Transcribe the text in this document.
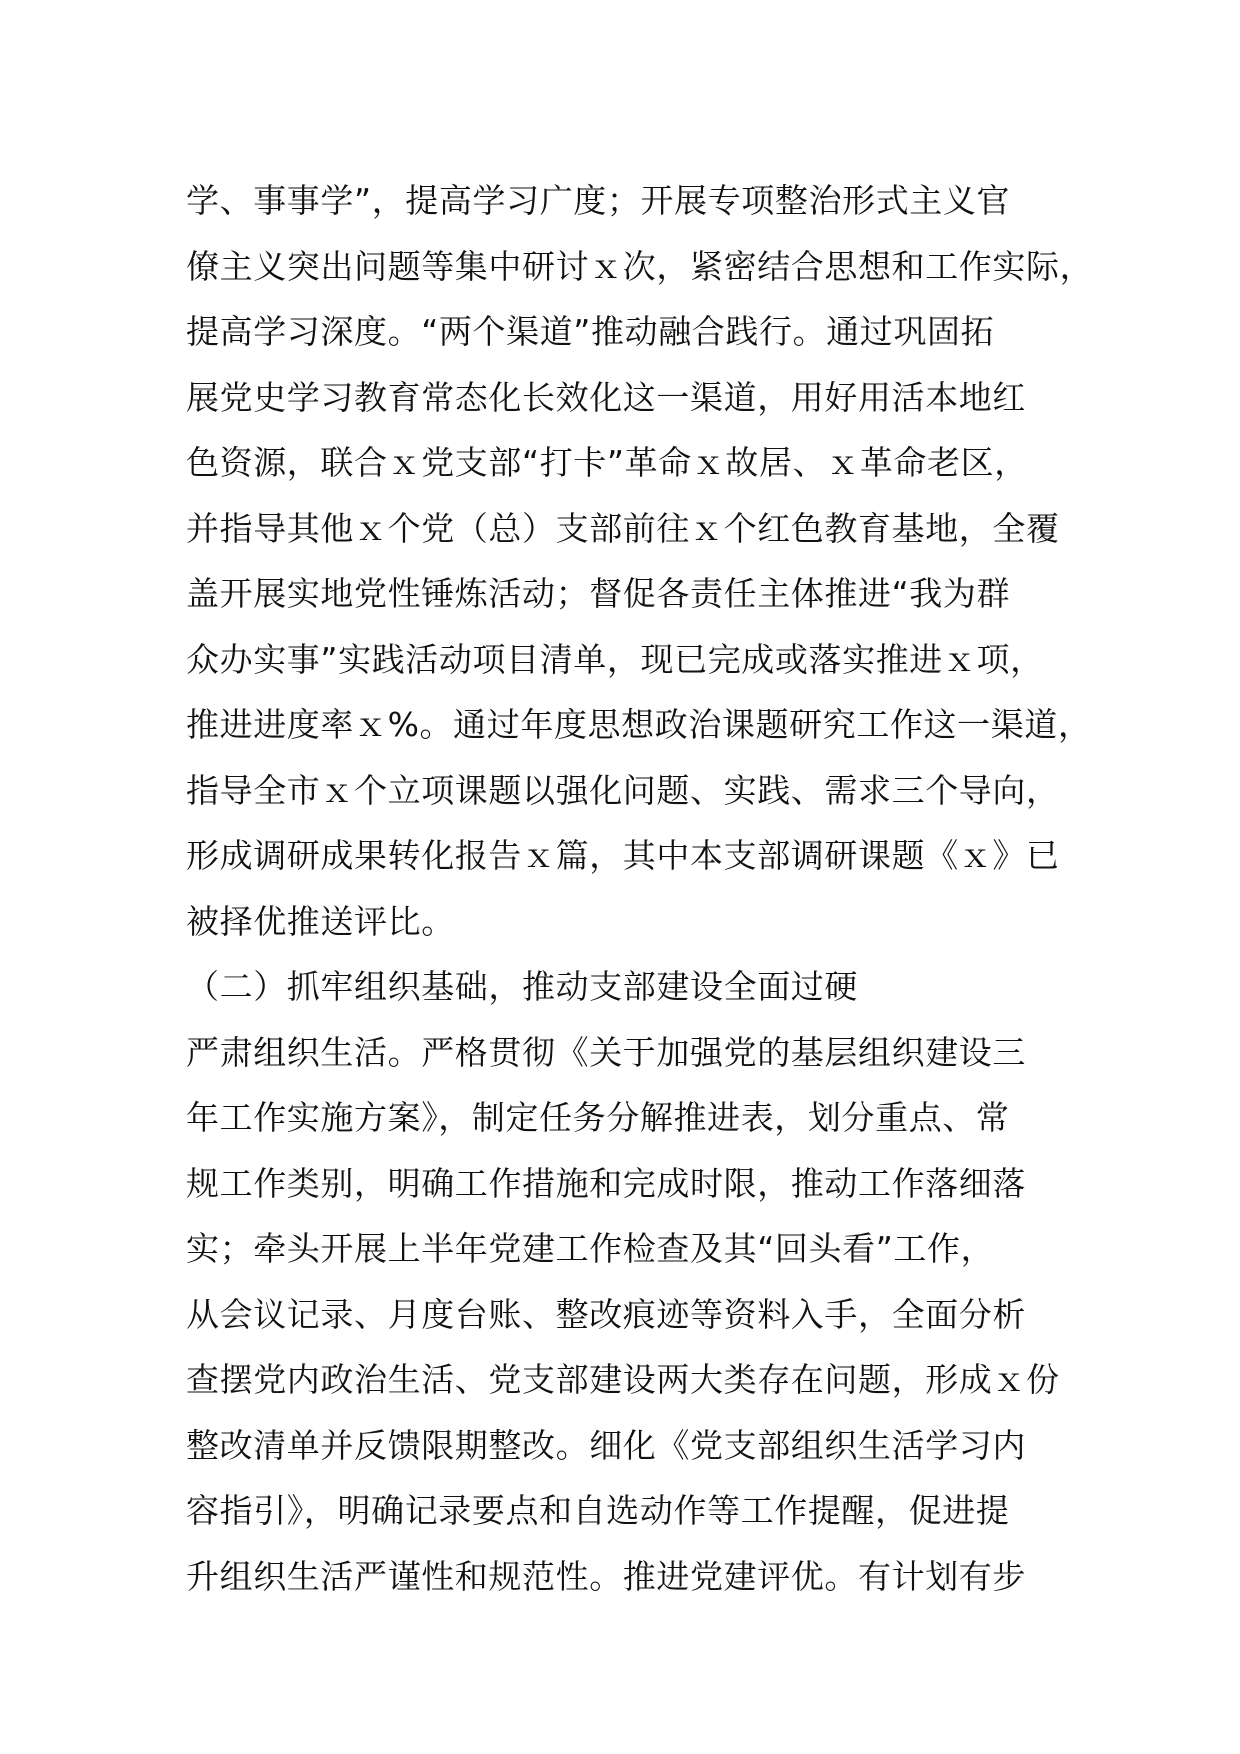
学、事事学”，提高学习广度；开展专项整治形式主义官
僚主义突出问题等集中研讨ｘ次，紧密结合思想和工作实际，
提高学习深度。“两个渠道”推动融合践行。通过巩固拓
展党史学习教育常态化长效化这一渠道，用好用活本地红
色资源，联合ｘ党支部“打卡”革命ｘ故居、ｘ革命老区，
并指导其他ｘ个党（总）支部前往ｘ个红色教育基地，全覆
盖开展实地党性锤炼活动；督促各责任主体推进“我为群
众办实事”实践活动项目清单，现已完成或落实推进ｘ项，
推进进度率ｘ%。通过年度思想政治课题研究工作这一渠道，
指导全市ｘ个立项课题以强化问题、实践、需求三个导向，
形成调研成果转化报告ｘ篇，其中本支部调研课题《ｘ》已
被择优推送评比。
（二）抓牢组织基础，推动支部建设全面过硬
严肃组织生活。严格贯彻《关于加强党的基层组织建设三
年工作实施方案》，制定任务分解推进表，划分重点、常
规工作类别，明确工作措施和完成时限，推动工作落细落
实；牵头开展上半年党建工作检查及其“回头看”工作，
从会议记录、月度台账、整改痕迹等资料入手，全面分析
查摆党内政治生活、党支部建设两大类存在问题，形成ｘ份
整改清单并反馈限期整改。细化《党支部组织生活学习内
容指引》，明确记录要点和自选动作等工作提醒，促进提
升组织生活严谨性和规范性。推进党建评优。有计划有步
